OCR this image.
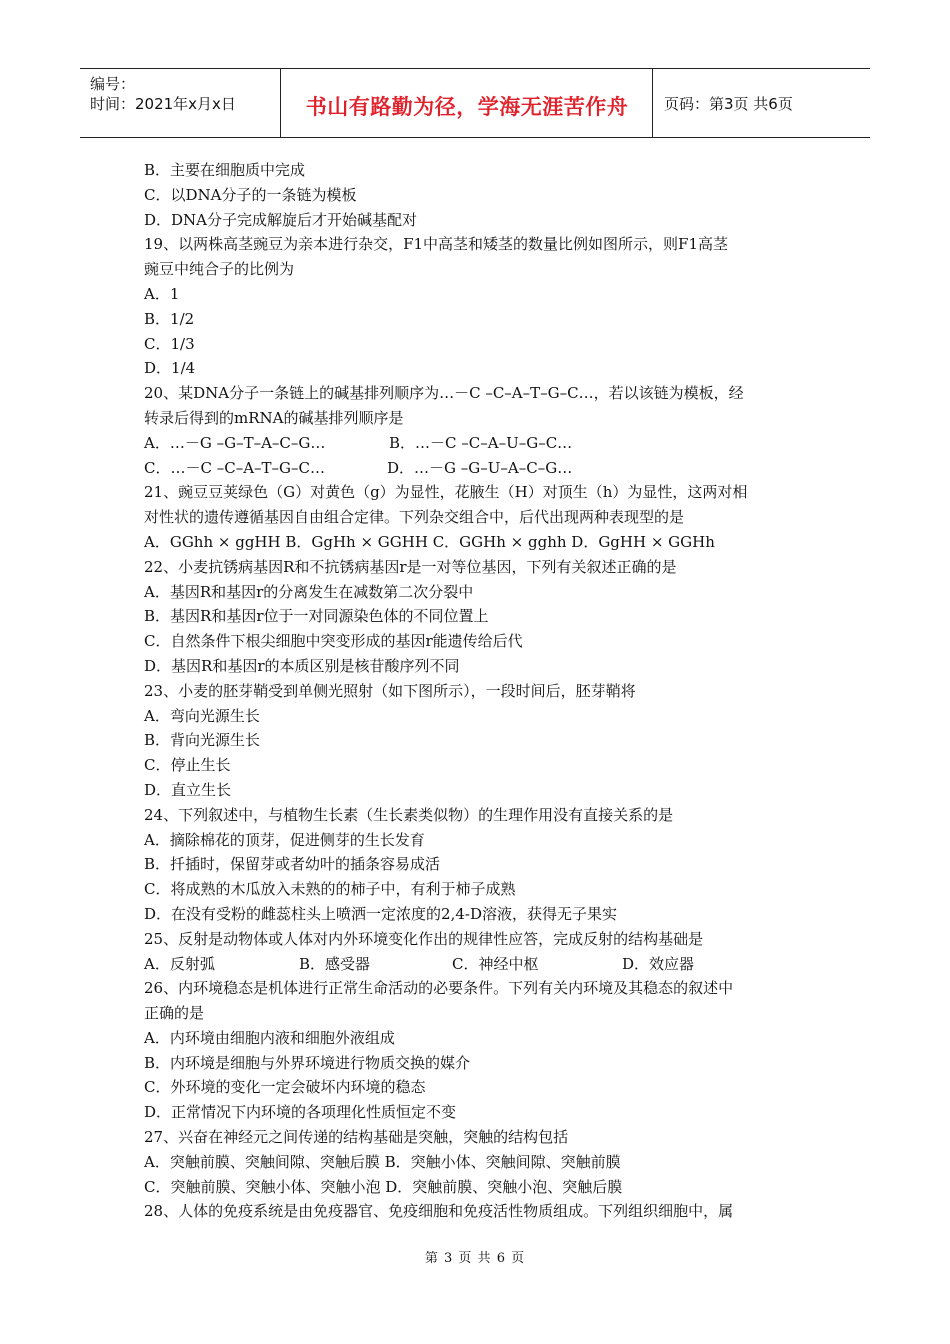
编号：
时间：2021年x月x日	书山有路勤为径，学海无涯苦作舟	页码：第3页 共6页
B．主要在细胞质中完成
C．以DNA分子的一条链为模板
D．DNA分子完成解旋后才开始碱基配对
19、以两株高茎豌豆为亲本进行杂交，F1中高茎和矮茎的数量比例如图所示，则F1高茎
豌豆中纯合子的比例为
A．1
B．1/2
C．1/3
D．1/4
20、某DNA分子一条链上的碱基排列顺序为…－C –C–A–T–G–C…，若以该链为模板，经
转录后得到的mRNA的碱基排列顺序是
A．…－G –G–T–A–C–G…	B．…－C –C–A–U–G–C…
C．…－C –C–A–T–G–C…	D．…－G –G–U–A–C–G…
21、豌豆豆荚绿色（G）对黄色（g）为显性，花腋生（H）对顶生（h）为显性，这两对相
对性状的遗传遵循基因自由组合定律。下列杂交组合中，后代出现两种表现型的是
A．GGhh × ggHH B．GgHh × GGHH C．GGHh × gghh D．GgHH × GGHh
22、小麦抗锈病基因R和不抗锈病基因r是一对等位基因，下列有关叙述正确的是
A．基因R和基因r的分离发生在减数第二次分裂中
B．基因R和基因r位于一对同源染色体的不同位置上
C．自然条件下根尖细胞中突变形成的基因r能遗传给后代
D．基因R和基因r的本质区别是核苷酸序列不同
23、小麦的胚芽鞘受到单侧光照射（如下图所示），一段时间后，胚芽鞘将
A．弯向光源生长
B．背向光源生长
C．停止生长
D．直立生长
24、下列叙述中，与植物生长素（生长素类似物）的生理作用没有直接关系的是
A．摘除棉花的顶芽，促进侧芽的生长发育
B．扦插时，保留芽或者幼叶的插条容易成活
C．将成熟的木瓜放入未熟的的柿子中，有利于柿子成熟
D．在没有受粉的雌蕊柱头上喷洒一定浓度的2,4-D溶液，获得无子果实
25、反射是动物体或人体对内外环境变化作出的规律性应答，完成反射的结构基础是
A．反射弧	B．感受器	C．神经中枢	D．效应器
26、内环境稳态是机体进行正常生命活动的必要条件。下列有关内环境及其稳态的叙述中
正确的是
A．内环境由细胞内液和细胞外液组成
B．内环境是细胞与外界环境进行物质交换的媒介
C．外环境的变化一定会破坏内环境的稳态
D．正常情况下内环境的各项理化性质恒定不变
27、兴奋在神经元之间传递的结构基础是突触，突触的结构包括
A．突触前膜、突触间隙、突触后膜 B．突触小体、突触间隙、突触前膜
C．突触前膜、突触小体、突触小泡 D．突触前膜、突触小泡、突触后膜
28、人体的免疫系统是由免疫器官、免疫细胞和免疫活性物质组成。下列组织细胞中，属
第 3 页 共 6 页
